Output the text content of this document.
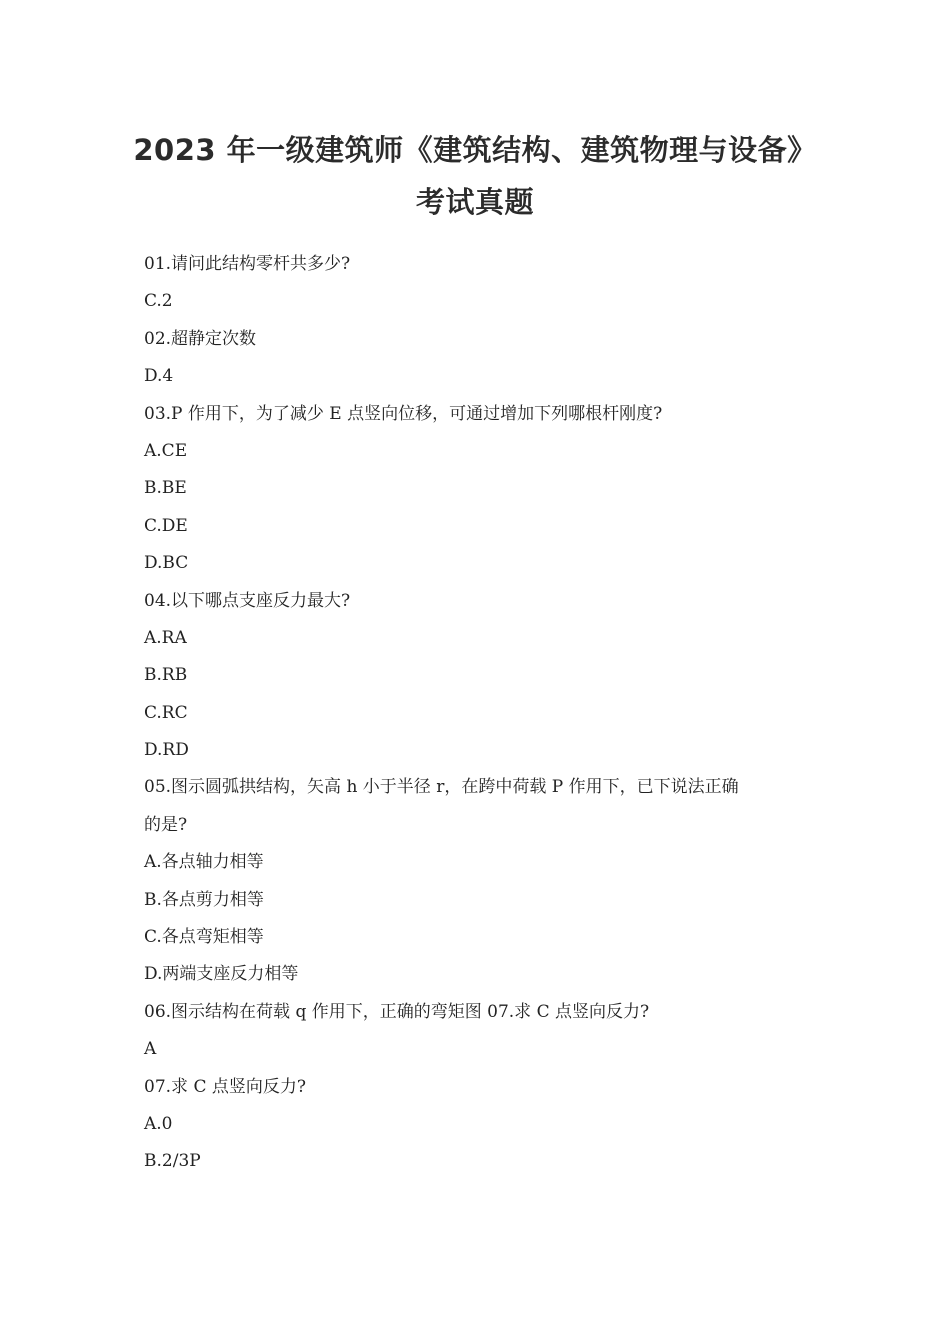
2023 年一级建筑师《建筑结构、建筑物理与设备》
考试真题
01.请问此结构零杆共多少?
C.2
02.超静定次数
D.4
03.P 作用下，为了减少 E 点竖向位移，可通过增加下列哪根杆刚度?
A.CE
B.BE
C.DE
D.BC
04.以下哪点支座反力最大?
A.RA
B.RB
C.RC
D.RD
05.图示圆弧拱结构，矢高 h 小于半径 r，在跨中荷载 P 作用下，已下说法正确
的是?
A.各点轴力相等
B.各点剪力相等
C.各点弯矩相等
D.两端支座反力相等
06.图示结构在荷载 q 作用下，正确的弯矩图 07.求 C 点竖向反力?
A
07.求 C 点竖向反力?
A.0
B.2/3P
